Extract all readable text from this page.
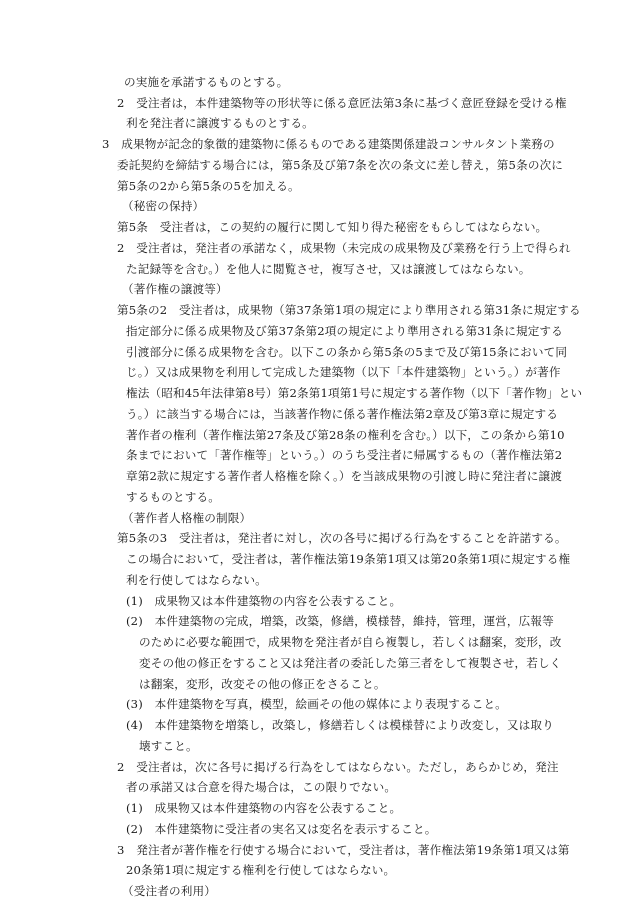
の実施を承諾するものとする。
2　受注者は，本件建築物等の形状等に係る意匠法第3条に基づく意匠登録を受ける権
利を発注者に譲渡するものとする。
3　成果物が記念的象徴的建築物に係るものである建築関係建設コンサルタント業務の
委託契約を締結する場合には，第5条及び第7条を次の条文に差し替え，第5条の次に
第5条の2から第5条の5を加える。
（秘密の保持）
第5条　受注者は，この契約の履行に関して知り得た秘密をもらしてはならない。
2　受注者は，発注者の承諾なく，成果物（未完成の成果物及び業務を行う上で得られ
た記録等を含む。）を他人に閲覧させ，複写させ，又は譲渡してはならない。
（著作権の譲渡等）
第5条の2　受注者は，成果物（第37条第1項の規定により準用される第31条に規定する
指定部分に係る成果物及び第37条第2項の規定により準用される第31条に規定する
引渡部分に係る成果物を含む。以下この条から第5条の5まで及び第15条において同
じ。）又は成果物を利用して完成した建築物（以下「本件建築物」という。）が著作
権法（昭和45年法律第8号）第2条第1項第1号に規定する著作物（以下「著作物」とい
う。）に該当する場合には，当該著作物に係る著作権法第2章及び第3章に規定する
著作者の権利（著作権法第27条及び第28条の権利を含む。）以下，この条から第10
条までにおいて「著作権等」という。）のうち受注者に帰属するもの（著作権法第2
章第2款に規定する著作者人格権を除く。）を当該成果物の引渡し時に発注者に譲渡
するものとする。
（著作者人格権の制限）
第5条の3　受注者は，発注者に対し，次の各号に掲げる行為をすることを許諾する。
この場合において，受注者は，著作権法第19条第1項又は第20条第1項に規定する権
利を行使してはならない。
(1)　成果物又は本件建築物の内容を公表すること。
(2)　本件建築物の完成，増築，改築，修繕，模様替，維持，管理，運営，広報等
のために必要な範囲で，成果物を発注者が自ら複製し，若しくは翻案，変形，改
変その他の修正をすること又は発注者の委託した第三者をして複製させ，若しく
は翻案，変形，改変その他の修正をさること。
(3)　本件建築物を写真，模型，絵画その他の媒体により表現すること。
(4)　本件建築物を増築し，改築し，修繕若しくは模様替により改変し，又は取り
壊すこと。
2　受注者は，次に各号に掲げる行為をしてはならない。ただし，あらかじめ，発注
者の承諾又は合意を得た場合は，この限りでない。
(1)　成果物又は本件建築物の内容を公表すること。
(2)　本件建築物に受注者の実名又は変名を表示すること。
3　発注者が著作権を行使する場合において，受注者は，著作権法第19条第1項又は第
20条第1項に規定する権利を行使してはならない。
（受注者の利用）
